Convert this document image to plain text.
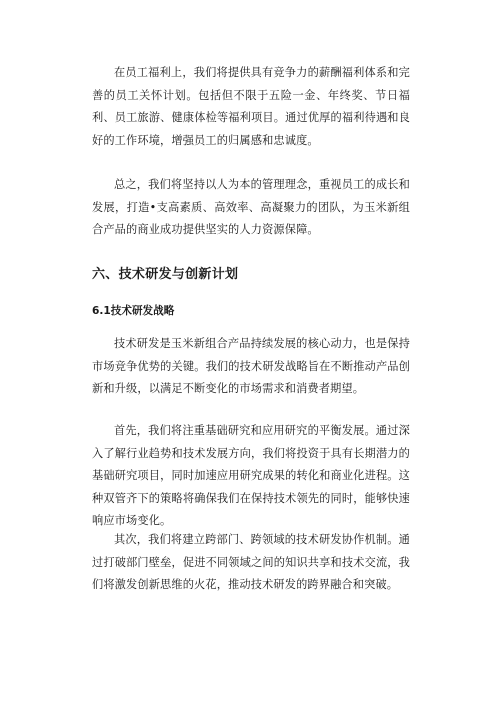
在员工福利上，我们将提供具有竞争力的薪酬福利体系和完善的员工关怀计划。包括但不限于五险一金、年终奖、节日福利、员工旅游、健康体检等福利项目。通过优厚的福利待遇和良好的工作环境，增强员工的归属感和忠诚度。

总之，我们将坚持以人为本的管理理念，重视员工的成长和发展，打造•支高素质、高效率、高凝聚力的团队，为玉米新组合产品的商业成功提供坚实的人力资源保障。

六、技术研发与创新计划
6.1技术研发战略

技术研发是玉米新组合产品持续发展的核心动力，也是保持市场竞争优势的关键。我们的技术研发战略旨在不断推动产品创新和升级，以满足不断变化的市场需求和消费者期望。

首先，我们将注重基础研究和应用研究的平衡发展。通过深入了解行业趋势和技术发展方向，我们将投资于具有长期潜力的基础研究项目，同时加速应用研究成果的转化和商业化进程。这种双管齐下的策略将确保我们在保持技术领先的同时，能够快速响应市场变化。

其次，我们将建立跨部门、跨领域的技术研发协作机制。通过打破部门壁垒，促进不同领域之间的知识共享和技术交流，我们将激发创新思维的火花，推动技术研发的跨界融合和突破。
